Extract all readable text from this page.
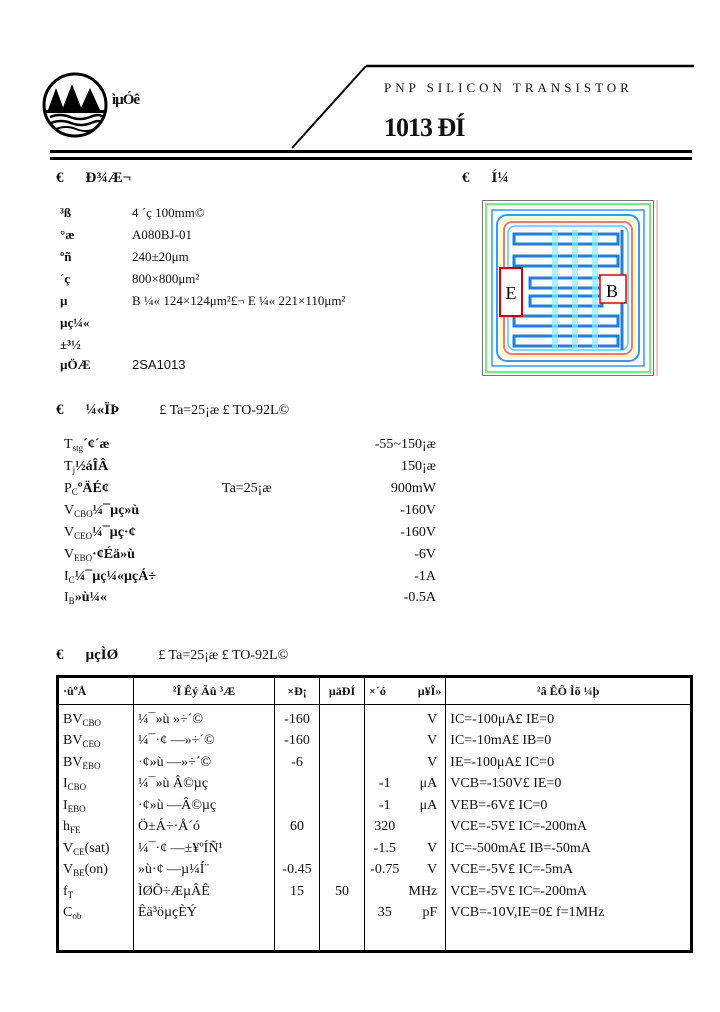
ìµÓê
PNP SILICON TRANSISTOR
1013 ÐÍ
€ Ð¾Æ¬
³ß	4 ´ç 100mm©
°æ	A080BJ-01
ºñ	240±20μm
´ç	800×800μm²
µ	B ¼« 124×124μm²£¬ E ¼« 221×110μm²
µç¼«
±³½
µÖÆ	2SA1013
€ Í¼
E	B
€ ¼«ÏÞ	£ Ta=25¡æ £ TO-92L©
$T_{stg}´¢´æ$	-55~150¡æ
$T_j\frac{1}{2}áÎÂ$	150¡æ
$P_CºÄÉ¢$	Ta=25¡æ	900mW
$V_{CBO}\frac{1}{4}¯\mu ç»ù$	-160V
$V_{CEO}\frac{1}{4}¯\mu ç\cdot¢$	-160V
$V_{EBO}\cdot¢Éä»ù$	-6V
$I_C\frac{1}{4}¯\mu ç\frac{1}{4}«\mu çÁ\div$	-1A
$I_B»ù\frac{1}{4}«$	-0.5A
€ µçÌØ	£ Ta=25¡æ £ TO-92L©
·ûºÅ	²Î Êý Ãû ³Æ	×Ð¡	µäÐÍ	×´ó	µ¥Î»	²â ÊÔ Ìõ ¼þ
$BV_{CBO}$	¼¯»ù »÷´©	-160			V	IC=-100μA£ IE=0
$BV_{CEO}$	¼¯·¢ —»÷´©	-160			V	IC=-10mA£ IB=0
$BV_{EBO}$	·¢»ù —»÷´©	-6			V	IE=-100μA£ IC=0
$I_{CBO}$	¼¯»ù Â©µç			-1	μA	VCB=-150V£ IE=0
$I_{EBO}$	·¢»ù —Â©µç			-1	μA	VEB=-6V£ IC=0
$h_{FE}$	Ö±Á÷·Å´ó	60		320		VCE=-5V£ IC=-200mA
$V_{CE}(sat)$	¼¯·¢ —±¥ºÍÑ¹			-1.5	V	IC=-500mA£ IB=-50mA
$V_{BE}(on)$	»ù·¢ —µ¼Í¨	-0.45		-0.75	V	VCE=-5V£ IC=-5mA
$f_T$	ÌØÕ÷ÆµÂÊ	15	50		MHz	VCE=-5V£ IC=-200mA
$C_{ob}$	Êä³öµçÈÝ			35	pF	VCB=-10V,IE=0£ f=1MHz
